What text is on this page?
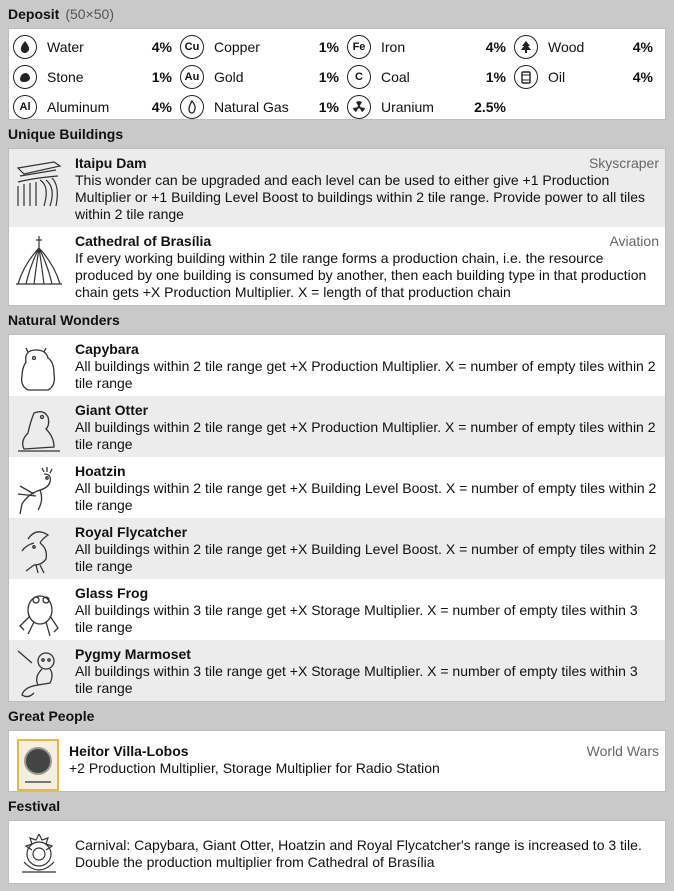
Deposit (50×50)
Water	4%	Cu	Copper	1%	Fe	Iron	4%	Wood	4%
Stone	1%	Au	Gold	1%	C	Coal	1%	Oil	4%
Al	Aluminum	4%	Natural Gas	1%	Uranium	2.5%
Unique Buildings
Itaipu Dam	Skyscraper
This wonder can be upgraded and each level can be used to either give +1 Production Multiplier or +1 Building Level Boost to buildings within 2 tile range. Provide power to all tiles within 2 tile range
Cathedral of Brasília	Aviation
If every working building within 2 tile range forms a production chain, i.e. the resource produced by one building is consumed by another, then each building type in that production chain gets +X Production Multiplier. X = length of that production chain
Natural Wonders
Capybara
All buildings within 2 tile range get +X Production Multiplier. X = number of empty tiles within 2 tile range
Giant Otter
All buildings within 2 tile range get +X Production Multiplier. X = number of empty tiles within 2 tile range
Hoatzin
All buildings within 2 tile range get +X Building Level Boost. X = number of empty tiles within 2 tile range
Royal Flycatcher
All buildings within 2 tile range get +X Building Level Boost. X = number of empty tiles within 2 tile range
Glass Frog
All buildings within 3 tile range get +X Storage Multiplier. X = number of empty tiles within 3 tile range
Pygmy Marmoset
All buildings within 3 tile range get +X Storage Multiplier. X = number of empty tiles within 3 tile range
Great People
Heitor Villa-Lobos	World Wars
+2 Production Multiplier, Storage Multiplier for Radio Station
Festival
Carnival: Capybara, Giant Otter, Hoatzin and Royal Flycatcher's range is increased to 3 tile. Double the production multiplier from Cathedral of Brasília
